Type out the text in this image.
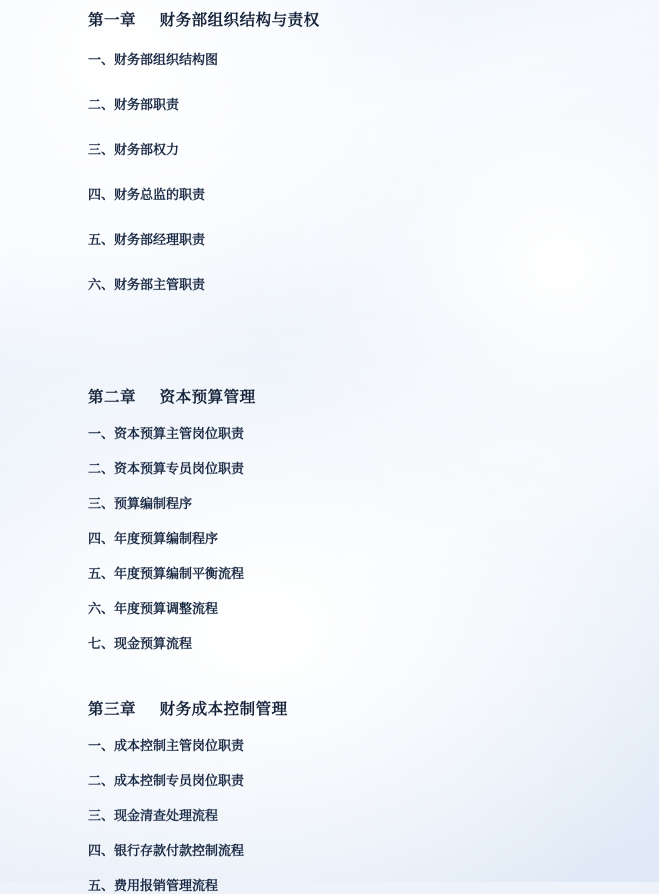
第一章    财务部组织结构与责权
一、财务部组织结构图
二、财务部职责
三、财务部权力
四、财务总监的职责
五、财务部经理职责
六、财务部主管职责
第二章    资本预算管理
一、资本预算主管岗位职责
二、资本预算专员岗位职责
三、预算编制程序
四、年度预算编制程序
五、年度预算编制平衡流程
六、年度预算调整流程
七、现金预算流程
第三章    财务成本控制管理
一、成本控制主管岗位职责
二、成本控制专员岗位职责
三、现金清查处理流程
四、银行存款付款控制流程
五、费用报销管理流程
